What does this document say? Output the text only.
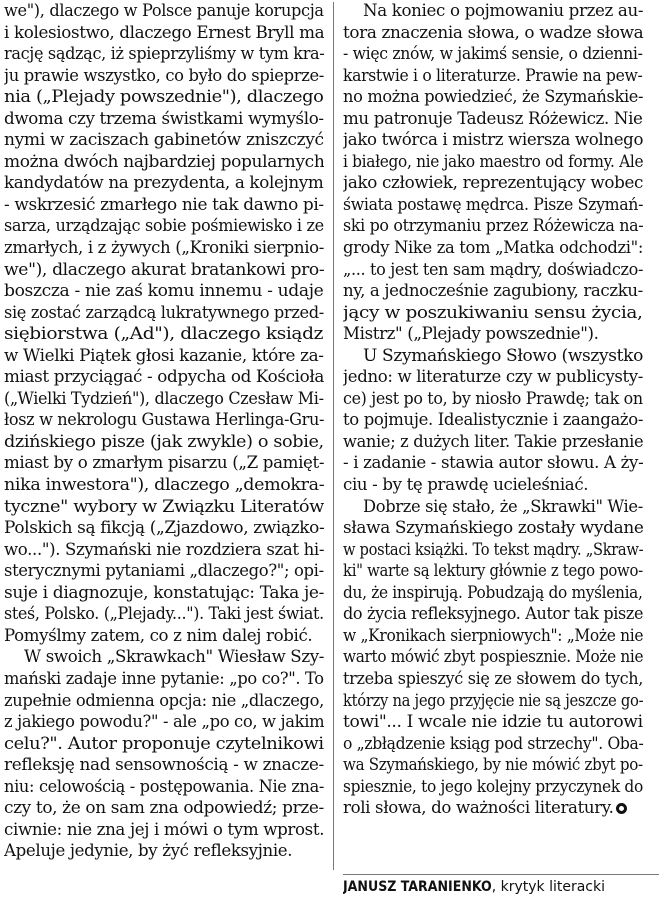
we"), dlaczego w Polsce panuje korupcja
i kolesiostwo, dlaczego Ernest Bryll ma
rację sądząc, iż spieprzyliśmy w tym kra-
ju prawie wszystko, co było do spieprze-
nia („Plejady powszednie"), dlaczego
dwoma czy trzema świstkami wymyślo-
nymi w zaciszach gabinetów zniszczyć
można dwóch najbardziej popularnych
kandydatów na prezydenta, a kolejnym
- wskrzesić zmarłego nie tak dawno pi-
sarza, urządzając sobie pośmiewisko i ze
zmarłych, i z żywych („Kroniki sierpnio-
we"), dlaczego akurat bratankowi pro-
boszcza - nie zaś komu innemu - udaje
się zostać zarządcą lukratywnego przed-
siębiorstwa („Ad"), dlaczego ksiądz
w Wielki Piątek głosi kazanie, które za-
miast przyciągać - odpycha od Kościoła
(„Wielki Tydzień"), dlaczego Czesław Mi-
łosz w nekrologu Gustawa Herlinga-Gru-
dzińskiego pisze (jak zwykle) o sobie,
miast by o zmarłym pisarzu („Z pamięt-
nika inwestora"), dlaczego „demokra-
tyczne" wybory w Związku Literatów
Polskich są fikcją („Zjazdowo, związko-
wo..."). Szymański nie rozdziera szat hi-
sterycznymi pytaniami „dlaczego?"; opi-
suje i diagnozuje, konstatując: Taka je-
steś, Polsko. („Plejady..."). Taki jest świat.
Pomyślmy zatem, co z nim dalej robić.
W swoich „Skrawkach" Wiesław Szy-
mański zadaje inne pytanie: „po co?". To
zupełnie odmienna opcja: nie „dlaczego,
z jakiego powodu?" - ale „po co, w jakim
celu?". Autor proponuje czytelnikowi
refleksję nad sensownością - w znacze-
niu: celowością - postępowania. Nie zna-
czy to, że on sam zna odpowiedź; prze-
ciwnie: nie zna jej i mówi o tym wprost.
Apeluje jedynie, by żyć refleksyjnie.
Na koniec o pojmowaniu przez au-
tora znaczenia słowa, o wadze słowa
- więc znów, w jakimś sensie, o dzienni-
karstwie i o literaturze. Prawie na pew-
no można powiedzieć, że Szymańskie-
mu patronuje Tadeusz Różewicz. Nie
jako twórca i mistrz wiersza wolnego
i białego, nie jako maestro od formy. Ale
jako człowiek, reprezentujący wobec
świata postawę mędrca. Pisze Szymań-
ski po otrzymaniu przez Różewicza na-
grody Nike za tom „Matka odchodzi":
„... to jest ten sam mądry, doświadczo-
ny, a jednocześnie zagubiony, raczku-
jący w poszukiwaniu sensu życia,
Mistrz" („Plejady powszednie").
U Szymańskiego Słowo (wszystko
jedno: w literaturze czy w publicysty-
ce) jest po to, by niosło Prawdę; tak on
to pojmuje. Idealistycznie i zaangażo-
wanie; z dużych liter. Takie przesłanie
- i zadanie - stawia autor słowu. A ży-
ciu - by tę prawdę ucieleśniać.
Dobrze się stało, że „Skrawki" Wie-
sława Szymańskiego zostały wydane
w postaci książki. To tekst mądry. „Skraw-
ki" warte są lektury głównie z tego powo-
du, że inspirują. Pobudzają do myślenia,
do życia refleksyjnego. Autor tak pisze
w „Kronikach sierpniowych": „Może nie
warto mówić zbyt pospiesznie. Może nie
trzeba spieszyć się ze słowem do tych,
którzy na jego przyjęcie nie są jeszcze go-
towi"... I wcale nie idzie tu autorowi
o „zbłądzenie ksiąg pod strzechy". Oba-
wa Szymańskiego, by nie mówić zbyt po-
spiesznie, to jego kolejny przyczynek do
roli słowa, do ważności literatury.
JANUSZ TARANIENKO, krytyk literacki
